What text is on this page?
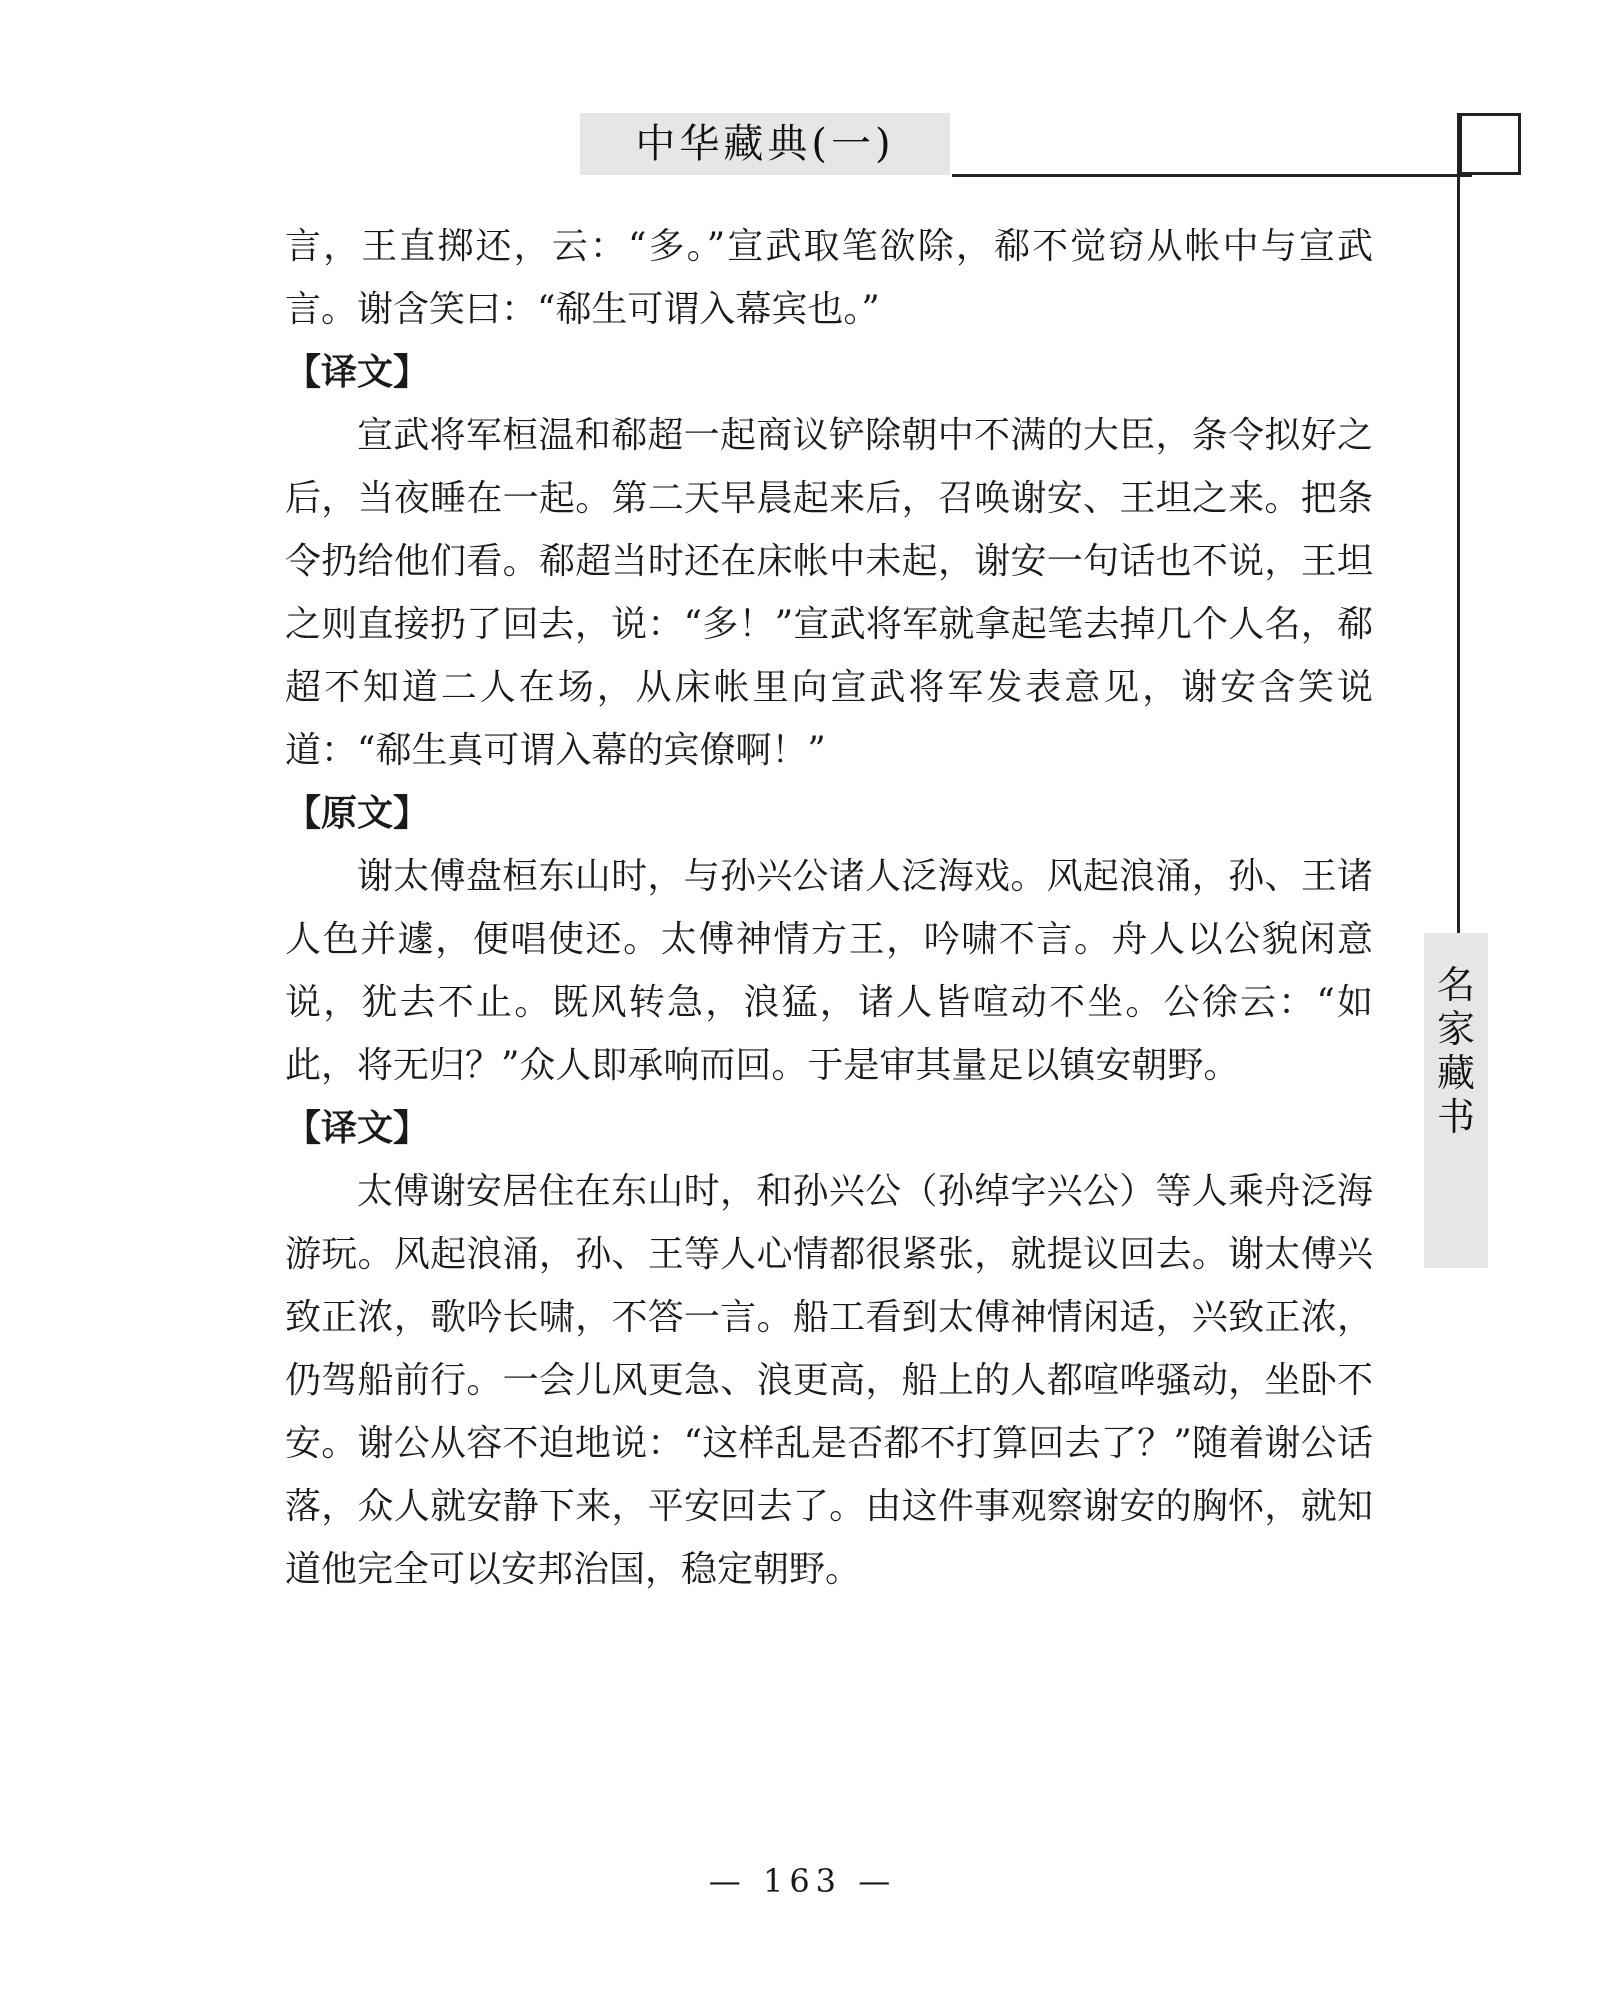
中华藏典(一)
名
家
藏
书

言，王直掷还，云：“多。”宣武取笔欲除，郗不觉窃从帐中与宣武言。谢含笑曰：“郗生可谓入幕宾也。”

【译文】

宣武将军桓温和郗超一起商议铲除朝中不满的大臣，条令拟好之后，当夜睡在一起。第二天早晨起来后，召唤谢安、王坦之来。把条令扔给他们看。郗超当时还在床帐中未起，谢安一句话也不说，王坦之则直接扔了回去，说：“多！”宣武将军就拿起笔去掉几个人名，郗超不知道二人在场，从床帐里向宣武将军发表意见，谢安含笑说道：“郗生真可谓入幕的宾僚啊！”

【原文】

谢太傅盘桓东山时，与孙兴公诸人泛海戏。风起浪涌，孙、王诸人色并遽，便唱使还。太傅神情方王，吟啸不言。舟人以公貌闲意说，犹去不止。既风转急，浪猛，诸人皆喧动不坐。公徐云：“如此，将无归？”众人即承响而回。于是审其量足以镇安朝野。

【译文】

太傅谢安居住在东山时，和孙兴公（孙绰字兴公）等人乘舟泛海游玩。风起浪涌，孙、王等人心情都很紧张，就提议回去。谢太傅兴致正浓，歌吟长啸，不答一言。船工看到太傅神情闲适，兴致正浓，仍驾船前行。一会儿风更急、浪更高，船上的人都喧哗骚动，坐卧不安。谢公从容不迫地说：“这样乱是否都不打算回去了？”随着谢公话落，众人就安静下来，平安回去了。由这件事观察谢安的胸怀，就知道他完全可以安邦治国，稳定朝野。

— 163 —
